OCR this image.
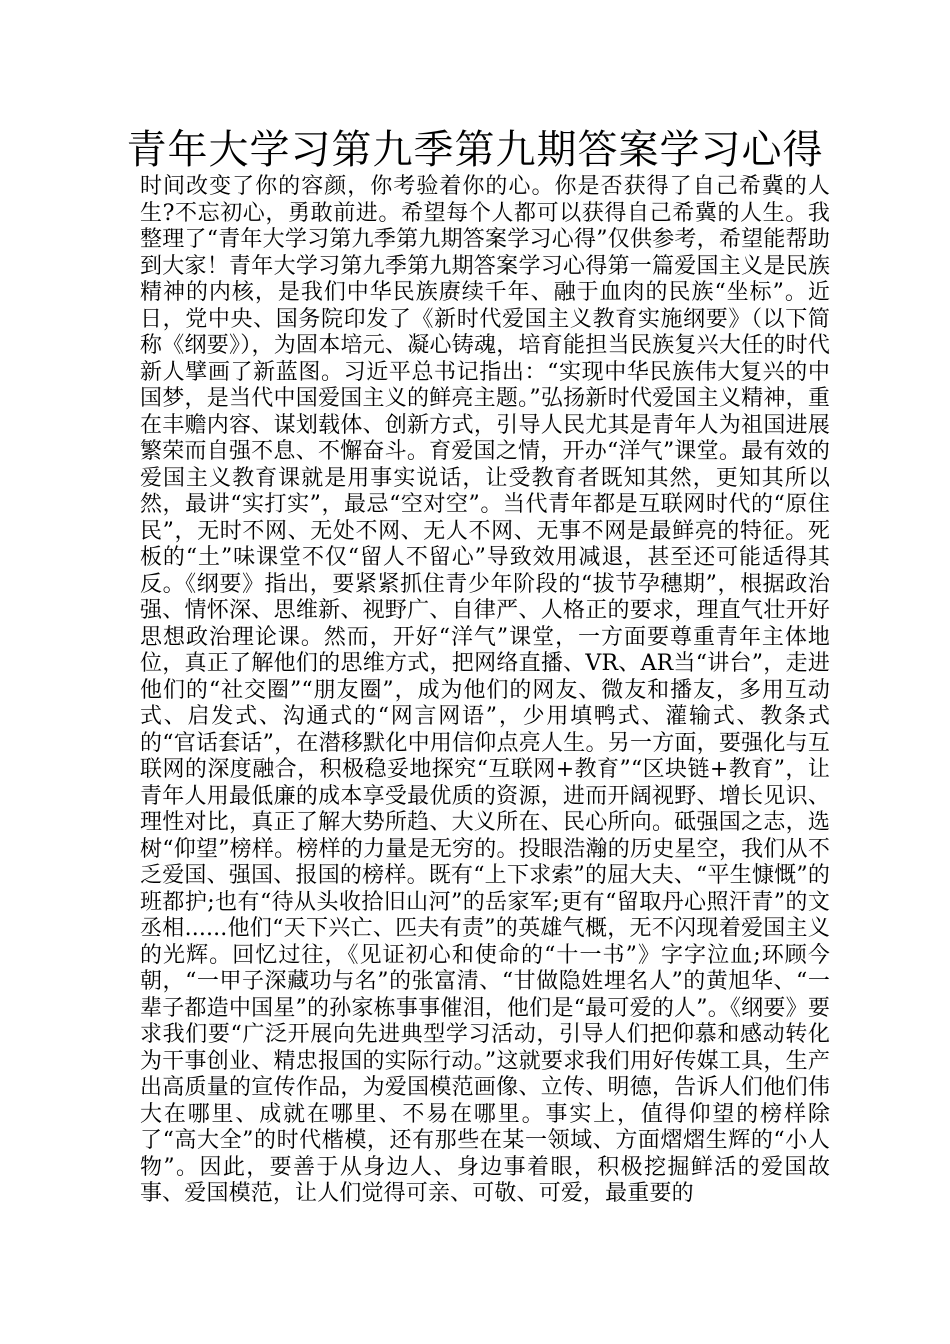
青年大学习第九季第九期答案学习心得
时间改变了你的容颜，你考验着你的心。你是否获得了自己希冀的人生?不忘初心，勇敢前进。希望每个人都可以获得自己希冀的人生。我整理了“青年大学习第九季第九期答案学习心得”仅供参考，希望能帮助到大家！青年大学习第九季第九期答案学习心得第一篇爱国主义是民族精神的内核，是我们中华民族赓续千年、融于血肉的民族“坐标”。近日，党中央、国务院印发了《新时代爱国主义教育实施纲要》（以下简称《纲要》），为固本培元、凝心铸魂，培育能担当民族复兴大任的时代新人擘画了新蓝图。习近平总书记指出：“实现中华民族伟大复兴的中国梦，是当代中国爱国主义的鲜亮主题。”弘扬新时代爱国主义精神，重在丰赡内容、谋划载体、创新方式，引导人民尤其是青年人为祖国进展繁荣而自强不息、不懈奋斗。育爱国之情，开办“洋气”课堂。最有效的爱国主义教育课就是用事实说话，让受教育者既知其然，更知其所以然，最讲“实打实”，最忌“空对空”。当代青年都是互联网时代的“原住民”，无时不网、无处不网、无人不网、无事不网是最鲜亮的特征。死板的“土”味课堂不仅“留人不留心”导致效用减退，甚至还可能适得其反。《纲要》指出，要紧紧抓住青少年阶段的“拔节孕穗期”，根据政治强、情怀深、思维新、视野广、自律严、人格正的要求，理直气壮开好思想政治理论课。然而，开好“洋气”课堂，一方面要尊重青年主体地位，真正了解他们的思维方式，把网络直播、VR、AR当“讲台”，走进他们的“社交圈”“朋友圈”，成为他们的网友、微友和播友，多用互动式、启发式、沟通式的“网言网语”，少用填鸭式、灌输式、教条式的“官话套话”，在潜移默化中用信仰点亮人生。另一方面，要强化与互联网的深度融合，积极稳妥地探究“互联网+教育”“区块链+教育”，让青年人用最低廉的成本享受最优质的资源，进而开阔视野、增长见识、理性对比，真正了解大势所趋、大义所在、民心所向。砥强国之志，选树“仰望”榜样。榜样的力量是无穷的。投眼浩瀚的历史星空，我们从不乏爱国、强国、报国的榜样。既有“上下求索”的屈大夫、“平生慷慨”的班都护;也有“待从头收拾旧山河”的岳家军;更有“留取丹心照汗青”的文丞相......他们“天下兴亡、匹夫有责”的英雄气概，无不闪现着爱国主义的光辉。回忆过往，《见证初心和使命的“十一书”》字字泣血;环顾今朝，“一甲子深藏功与名”的张富清、“甘做隐姓埋名人”的黄旭华、“一辈子都造中国星”的孙家栋事事催泪，他们是“最可爱的人”。《纲要》要求我们要“广泛开展向先进典型学习活动，引导人们把仰慕和感动转化为干事创业、精忠报国的实际行动。”这就要求我们用好传媒工具，生产出高质量的宣传作品，为爱国模范画像、立传、明德，告诉人们他们伟大在哪里、成就在哪里、不易在哪里。事实上，值得仰望的榜样除了“高大全”的时代楷模，还有那些在某一领域、方面熠熠生辉的“小人物”。因此，要善于从身边人、身边事着眼，积极挖掘鲜活的爱国故事、爱国模范，让人们觉得可亲、可敬、可爱，最重要的
